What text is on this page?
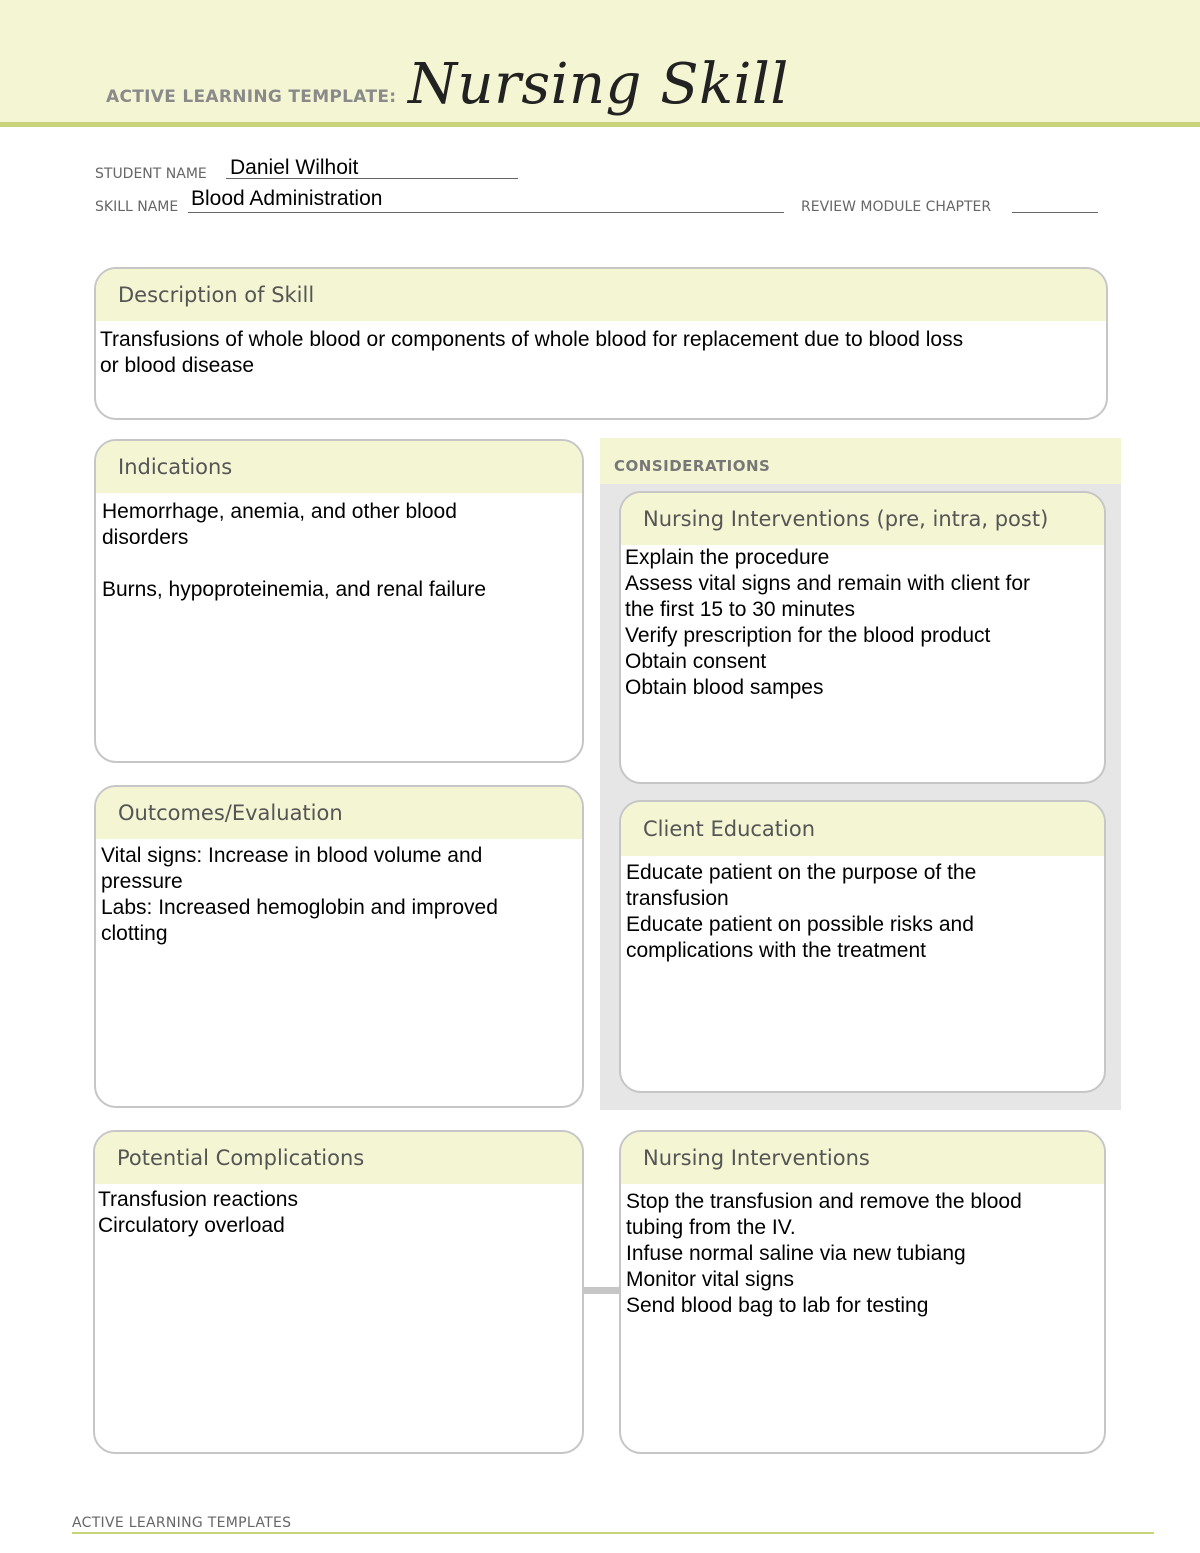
ACTIVE LEARNING TEMPLATE: Nursing Skill
STUDENT NAME Daniel Wilhoit
SKILL NAME Blood Administration	REVIEW MODULE CHAPTER
Description of Skill
Transfusions of whole blood or components of whole blood for replacement due to blood loss
or blood disease
Indications
Hemorrhage, anemia, and other blood
disorders
Burns, hypoproteinemia, and renal failure
Outcomes/Evaluation
Vital signs: Increase in blood volume and
pressure
Labs: Increased hemoglobin and improved
clotting
CONSIDERATIONS
Nursing Interventions (pre, intra, post)
Explain the procedure
Assess vital signs and remain with client for
the first 15 to 30 minutes
Verify prescription for the blood product
Obtain consent
Obtain blood sampes
Client Education
Educate patient on the purpose of the
transfusion
Educate patient on possible risks and
complications with the treatment
Potential Complications
Transfusion reactions
Circulatory overload
Nursing Interventions
Stop the transfusion and remove the blood
tubing from the IV.
Infuse normal saline via new tubiang
Monitor vital signs
Send blood bag to lab for testing
ACTIVE LEARNING TEMPLATES
